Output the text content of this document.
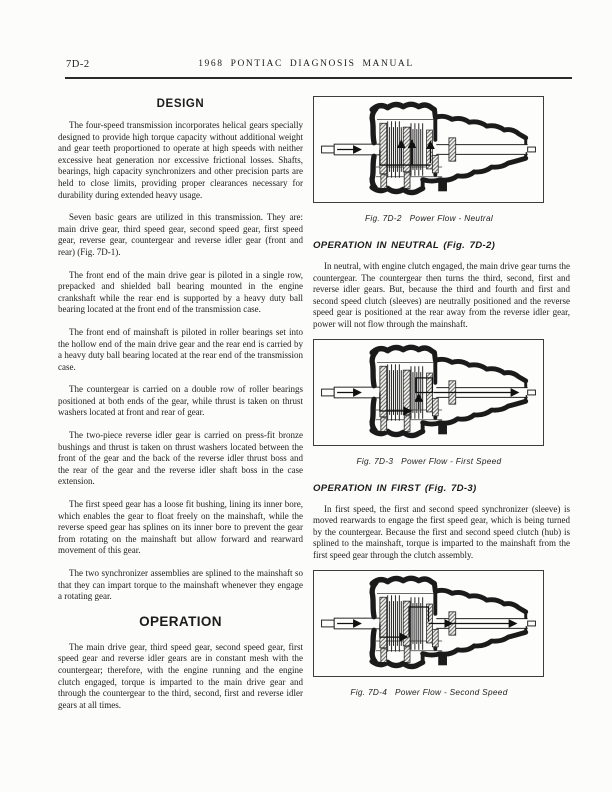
7D-2	1968 PONTIAC DIAGNOSIS MANUAL
DESIGN

The four-speed transmission incorporates helical gears specially designed to provide high torque capacity without additional weight and gear teeth proportioned to operate at high speeds with neither excessive heat generation nor excessive frictional losses. Shafts, bearings, high capacity synchronizers and other precision parts are held to close limits, providing proper clearances necessary for durability during extended heavy usage.

Seven basic gears are utilized in this transmission. They are: main drive gear, third speed gear, second speed gear, first speed gear, reverse gear, countergear and reverse idler gear (front and rear) (Fig. 7D-1).

The front end of the main drive gear is piloted in a single row, prepacked and shielded ball bearing mounted in the engine crankshaft while the rear end is supported by a heavy duty ball bearing located at the front end of the transmission case.

The front end of mainshaft is piloted in roller bearings set into the hollow end of the main drive gear and the rear end is carried by a heavy duty ball bearing located at the rear end of the transmission case.

The countergear is carried on a double row of roller bearings positioned at both ends of the gear, while thrust is taken on thrust washers located at front and rear of gear.

The two-piece reverse idler gear is carried on press-fit bronze bushings and thrust is taken on thrust washers located between the front of the gear and the back of the reverse idler thrust boss and the rear of the gear and the reverse idler shaft boss in the case extension.

The first speed gear has a loose fit bushing, lining its inner bore, which enables the gear to float freely on the mainshaft, while the reverse speed gear has splines on its inner bore to prevent the gear from rotating on the mainshaft but allow forward and rearward movement of this gear.

The two synchronizer assemblies are splined to the mainshaft so that they can impart torque to the mainshaft whenever they engage a rotating gear.

OPERATION

The main drive gear, third speed gear, second speed gear, first speed gear and reverse idler gears are in constant mesh with the countergear; therefore, with the engine running and the engine clutch engaged, torque is imparted to the main drive gear and through the countergear to the third, second, first and reverse idler gears at all times.

Fig. 7D-2   Power Flow - Neutral
OPERATION IN NEUTRAL (Fig. 7D-2)

In neutral, with engine clutch engaged, the main drive gear turns the countergear. The countergear then turns the third, second, first and reverse idler gears. But, because the third and fourth and first and second speed clutch (sleeves) are neutrally positioned and the reverse speed gear is positioned at the rear away from the reverse idler gear, power will not flow through the mainshaft.

Fig. 7D-3   Power Flow - First Speed
OPERATION IN FIRST (Fig. 7D-3)

In first speed, the first and second speed synchronizer (sleeve) is moved rearwards to engage the first speed gear, which is being turned by the countergear. Because the first and second speed clutch (hub) is splined to the mainshaft, torque is imparted to the mainshaft from the first speed gear through the clutch assembly.

Fig. 7D-4   Power Flow - Second Speed
